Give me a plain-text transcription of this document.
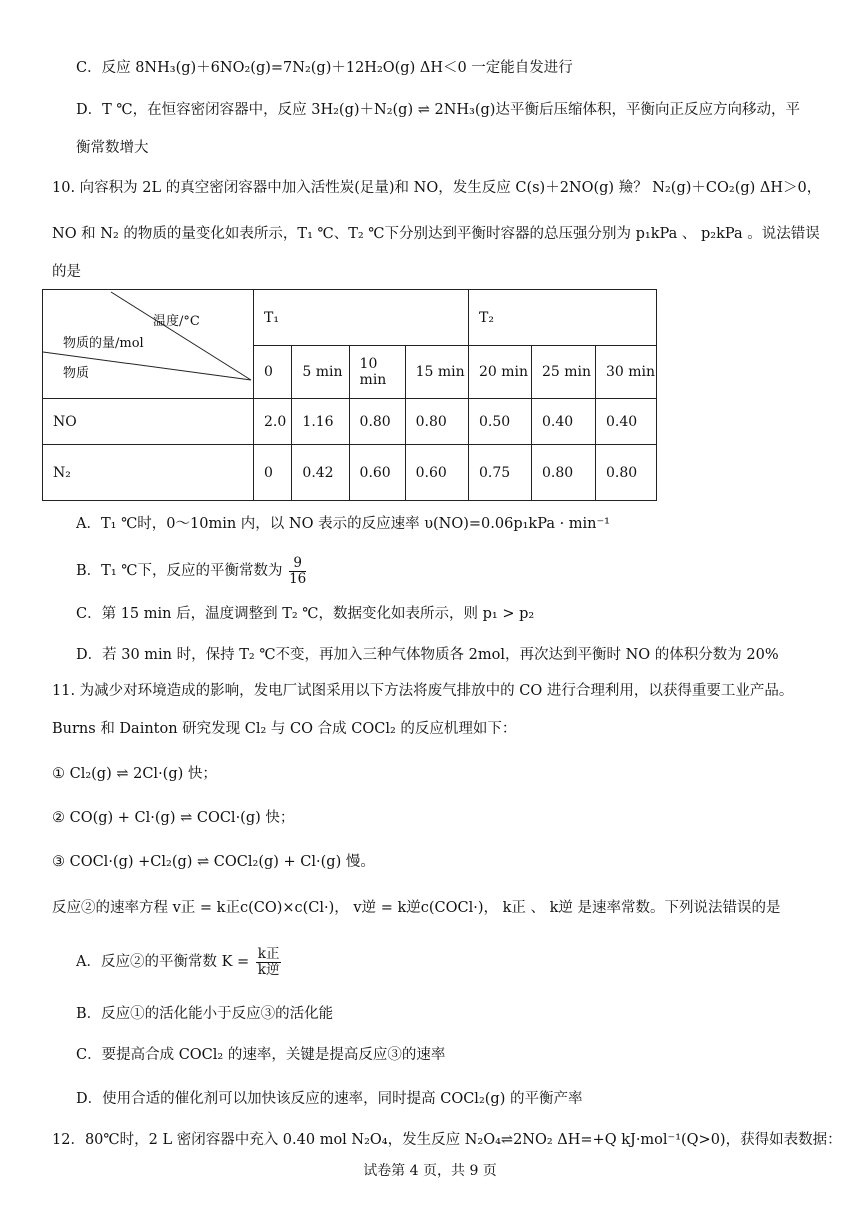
C．反应 8NH₃(g)＋6NO₂(g)=7N₂(g)＋12H₂O(g) ΔH＜0 一定能自发进行
D．T ℃，在恒容密闭容器中，反应 3H₂(g)＋N₂(g) ⇌ 2NH₃(g)达平衡后压缩体积，平衡向正反应方向移动，平
衡常数增大
10. 向容积为 2L 的真空密闭容器中加入活性炭(足量)和 NO，发生反应 C(s)＋2NO(g) 羷？ N₂(g)＋CO₂(g) ΔH＞0，
NO 和 N₂ 的物质的量变化如表所示，T₁ ℃、T₂ ℃下分别达到平衡时容器的总压强分别为 p₁kPa 、 p₂kPa 。说法错误
的是
温度/°C
物质的量/mol
物质	T₁				T₂		
	0	5 min	10 min	15 min	20 min	25 min	30 min
NO	2.0	1.16	0.80	0.80	0.50	0.40	0.40
N₂	0	0.42	0.60	0.60	0.75	0.80	0.80
A．T₁ ℃时，0～10min 内，以 NO 表示的反应速率 υ(NO)=0.06p₁kPa · min⁻¹
B．T₁ ℃下，反应的平衡常数为 $\frac{9}{16}$
C．第 15 min 后，温度调整到 T₂ ℃，数据变化如表所示，则 p₁ > p₂
D．若 30 min 时，保持 T₂ ℃不变，再加入三种气体物质各 2mol，再次达到平衡时 NO 的体积分数为 20%
11. 为减少对环境造成的影响，发电厂试图采用以下方法将废气排放中的 CO 进行合理利用，以获得重要工业产品。
Burns 和 Dainton 研究发现 Cl₂ 与 CO 合成 COCl₂ 的反应机理如下：
① Cl₂(g) ⇌ 2Cl·(g) 快；
② CO(g) + Cl·(g) ⇌ COCl·(g) 快；
③ COCl·(g) +Cl₂(g) ⇌ COCl₂(g) + Cl·(g) 慢。
反应②的速率方程 v正 = k正c(CO)×c(Cl·)， v逆 = k逆c(COCl·)， k正 、 k逆 是速率常数。下列说法错误的是
A．反应②的平衡常数 $K = \frac{\text{k正}}{\text{k逆}}$
B．反应①的活化能小于反应③的活化能
C．要提高合成 COCl₂ 的速率，关键是提高反应③的速率
D．使用合适的催化剂可以加快该反应的速率，同时提高 COCl₂(g) 的平衡产率
12．80℃时，2 L 密闭容器中充入 0.40 mol N₂O₄，发生反应 N₂O₄⇌2NO₂ ΔH=+Q kJ·mol⁻¹(Q>0)，获得如表数据：
试卷第 4 页，共 9 页
